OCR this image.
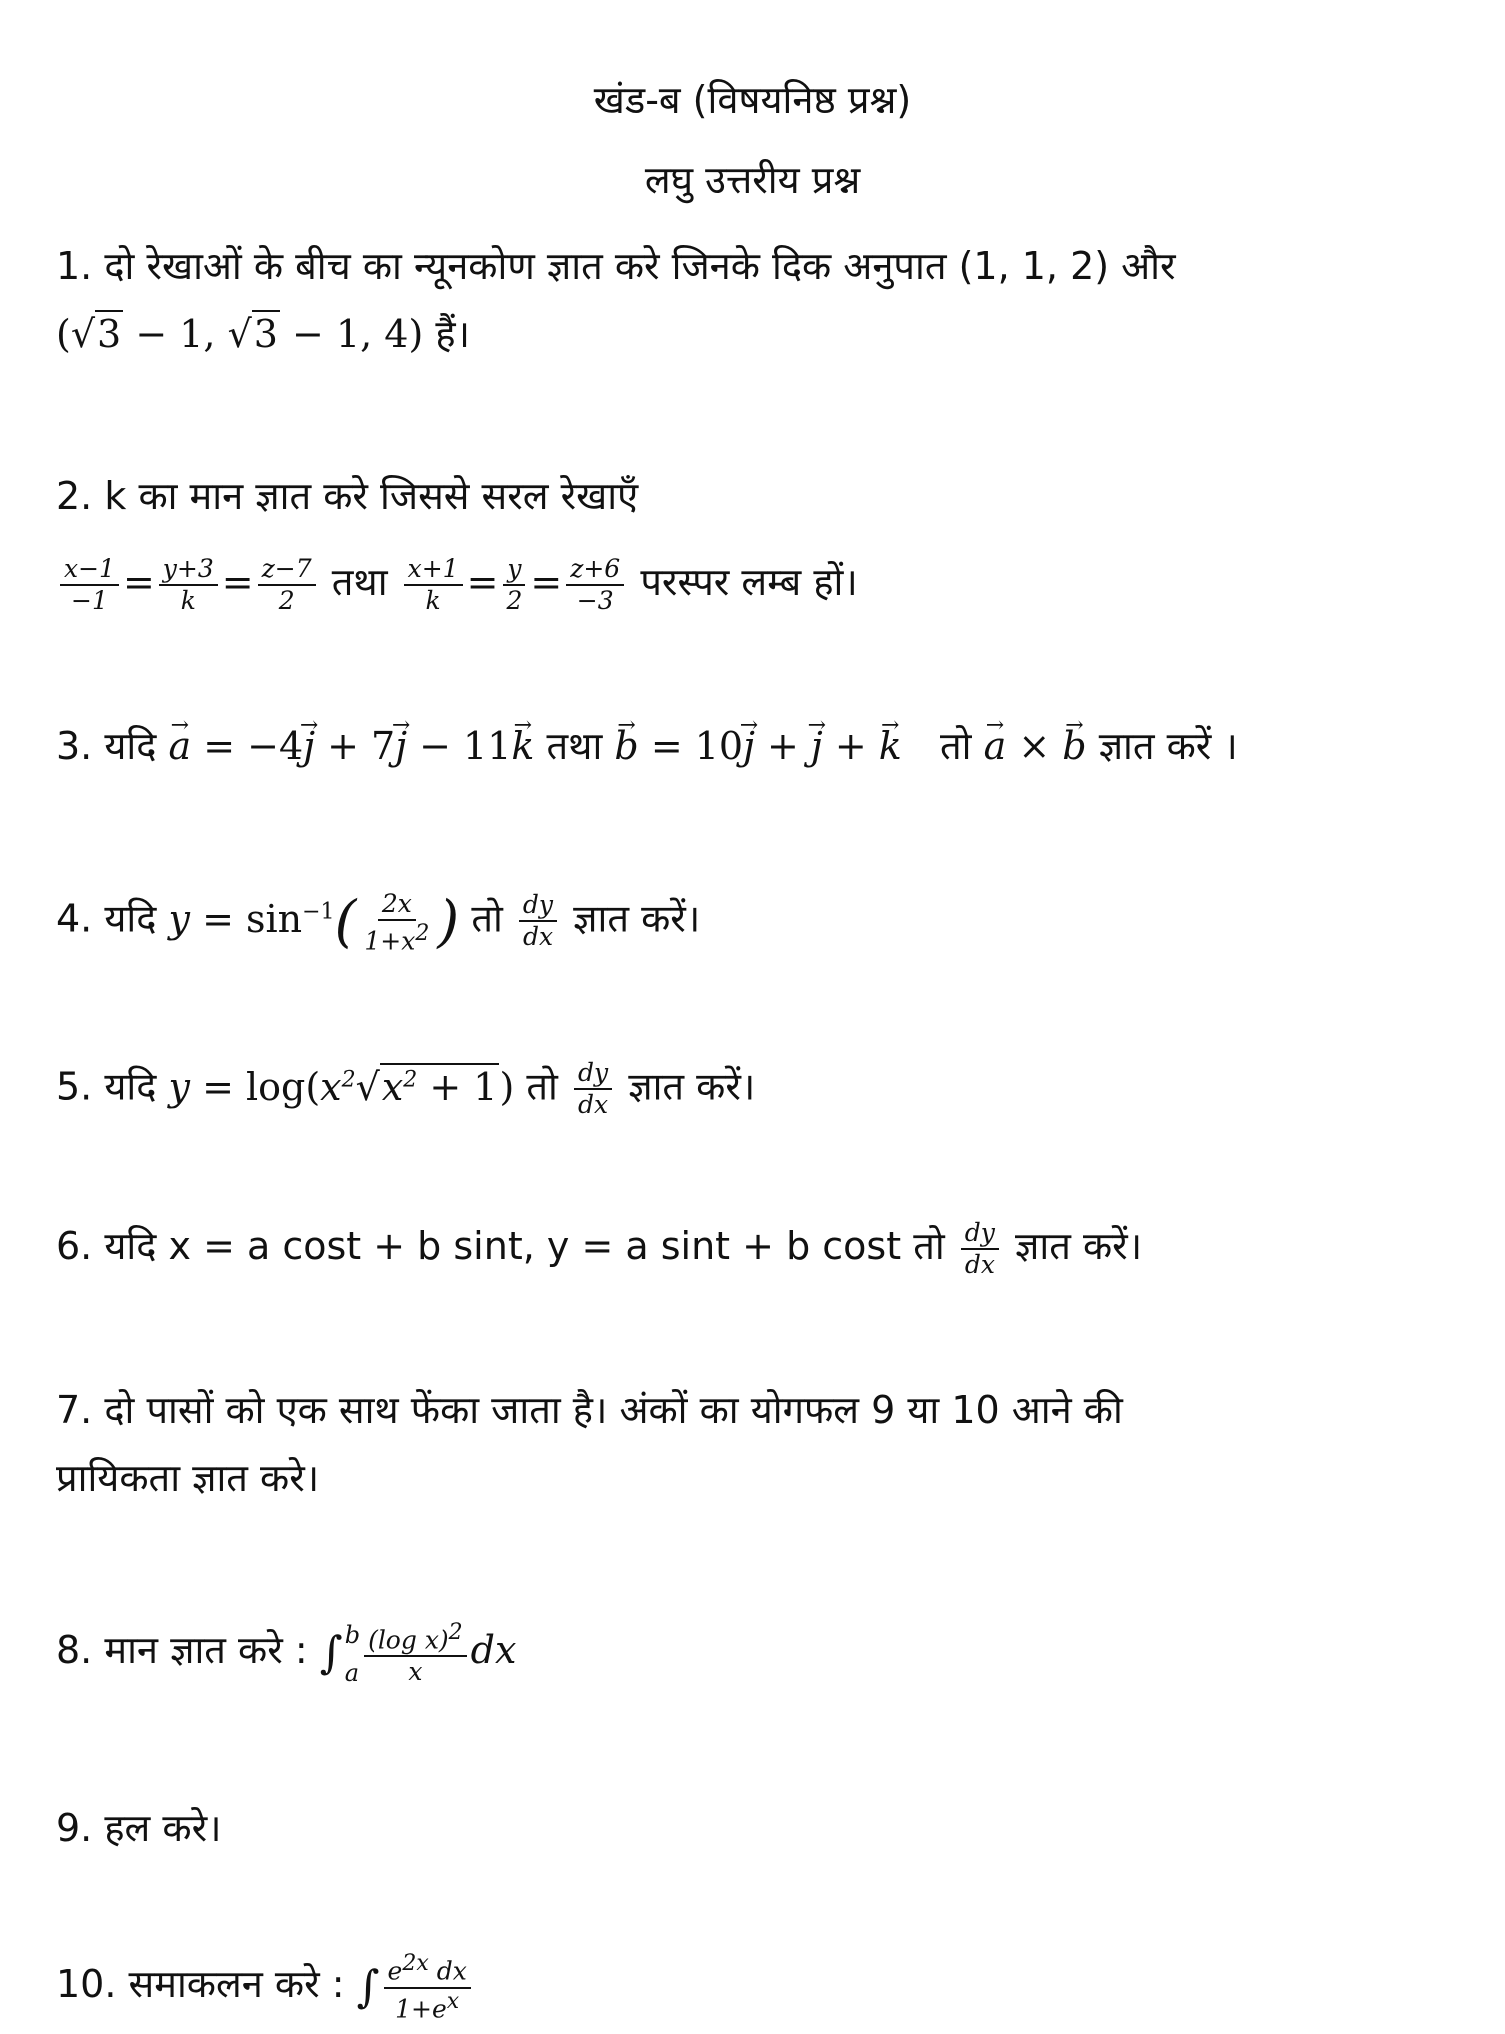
खंड-ब (विषयनिष्ठ प्रश्न)
लघु उत्तरीय प्रश्न
1. दो रेखाओं के बीच का न्यूनकोण ज्ञात करे जिनके दिक अनुपात (1, 1, 2) और
(√3 − 1, √3 − 1, 4) हैं।
2. k का मान ज्ञात करे जिससे सरल रेखाएँ
$\frac{x-1}{-1} = \frac{y+3}{k} = \frac{z-7}{2}$ तथा $\frac{x+1}{k} = \frac{y}{2} = \frac{z+6}{-3}$ परस्पर लम्ब हों।
3. यदि → a = −4→ j + 7→ j − 11→ k तथा → b = 10→ j + → j + → k तो → a × → b ज्ञात करें ।
4. यदि $y = \sin^{-1}( \frac{2x}{1+x^2}$ ) तो $\frac{dy}{dx}$ ज्ञात करें।
5. यदि $y = \log(x^2√x^2 + 1)$ तो $\frac{dy}{dx}$ ज्ञात करें।
6. यदि x = a cost + b sint, y = a sint + b cost तो $\frac{dy}{dx}$ ज्ञात करें।
7. दो पासों को एक साथ फेंका जाता है। अंकों का योगफल 9 या 10 आने की
प्रायिकता ज्ञात करे।
8. मान ज्ञात करे : ∫ b
a $\frac{(\log x)^2}{x}$ dx
9. हल करे।
10. समाकलन करे : ∫ $\frac{e^{2x} dx}{1+e^x}$
